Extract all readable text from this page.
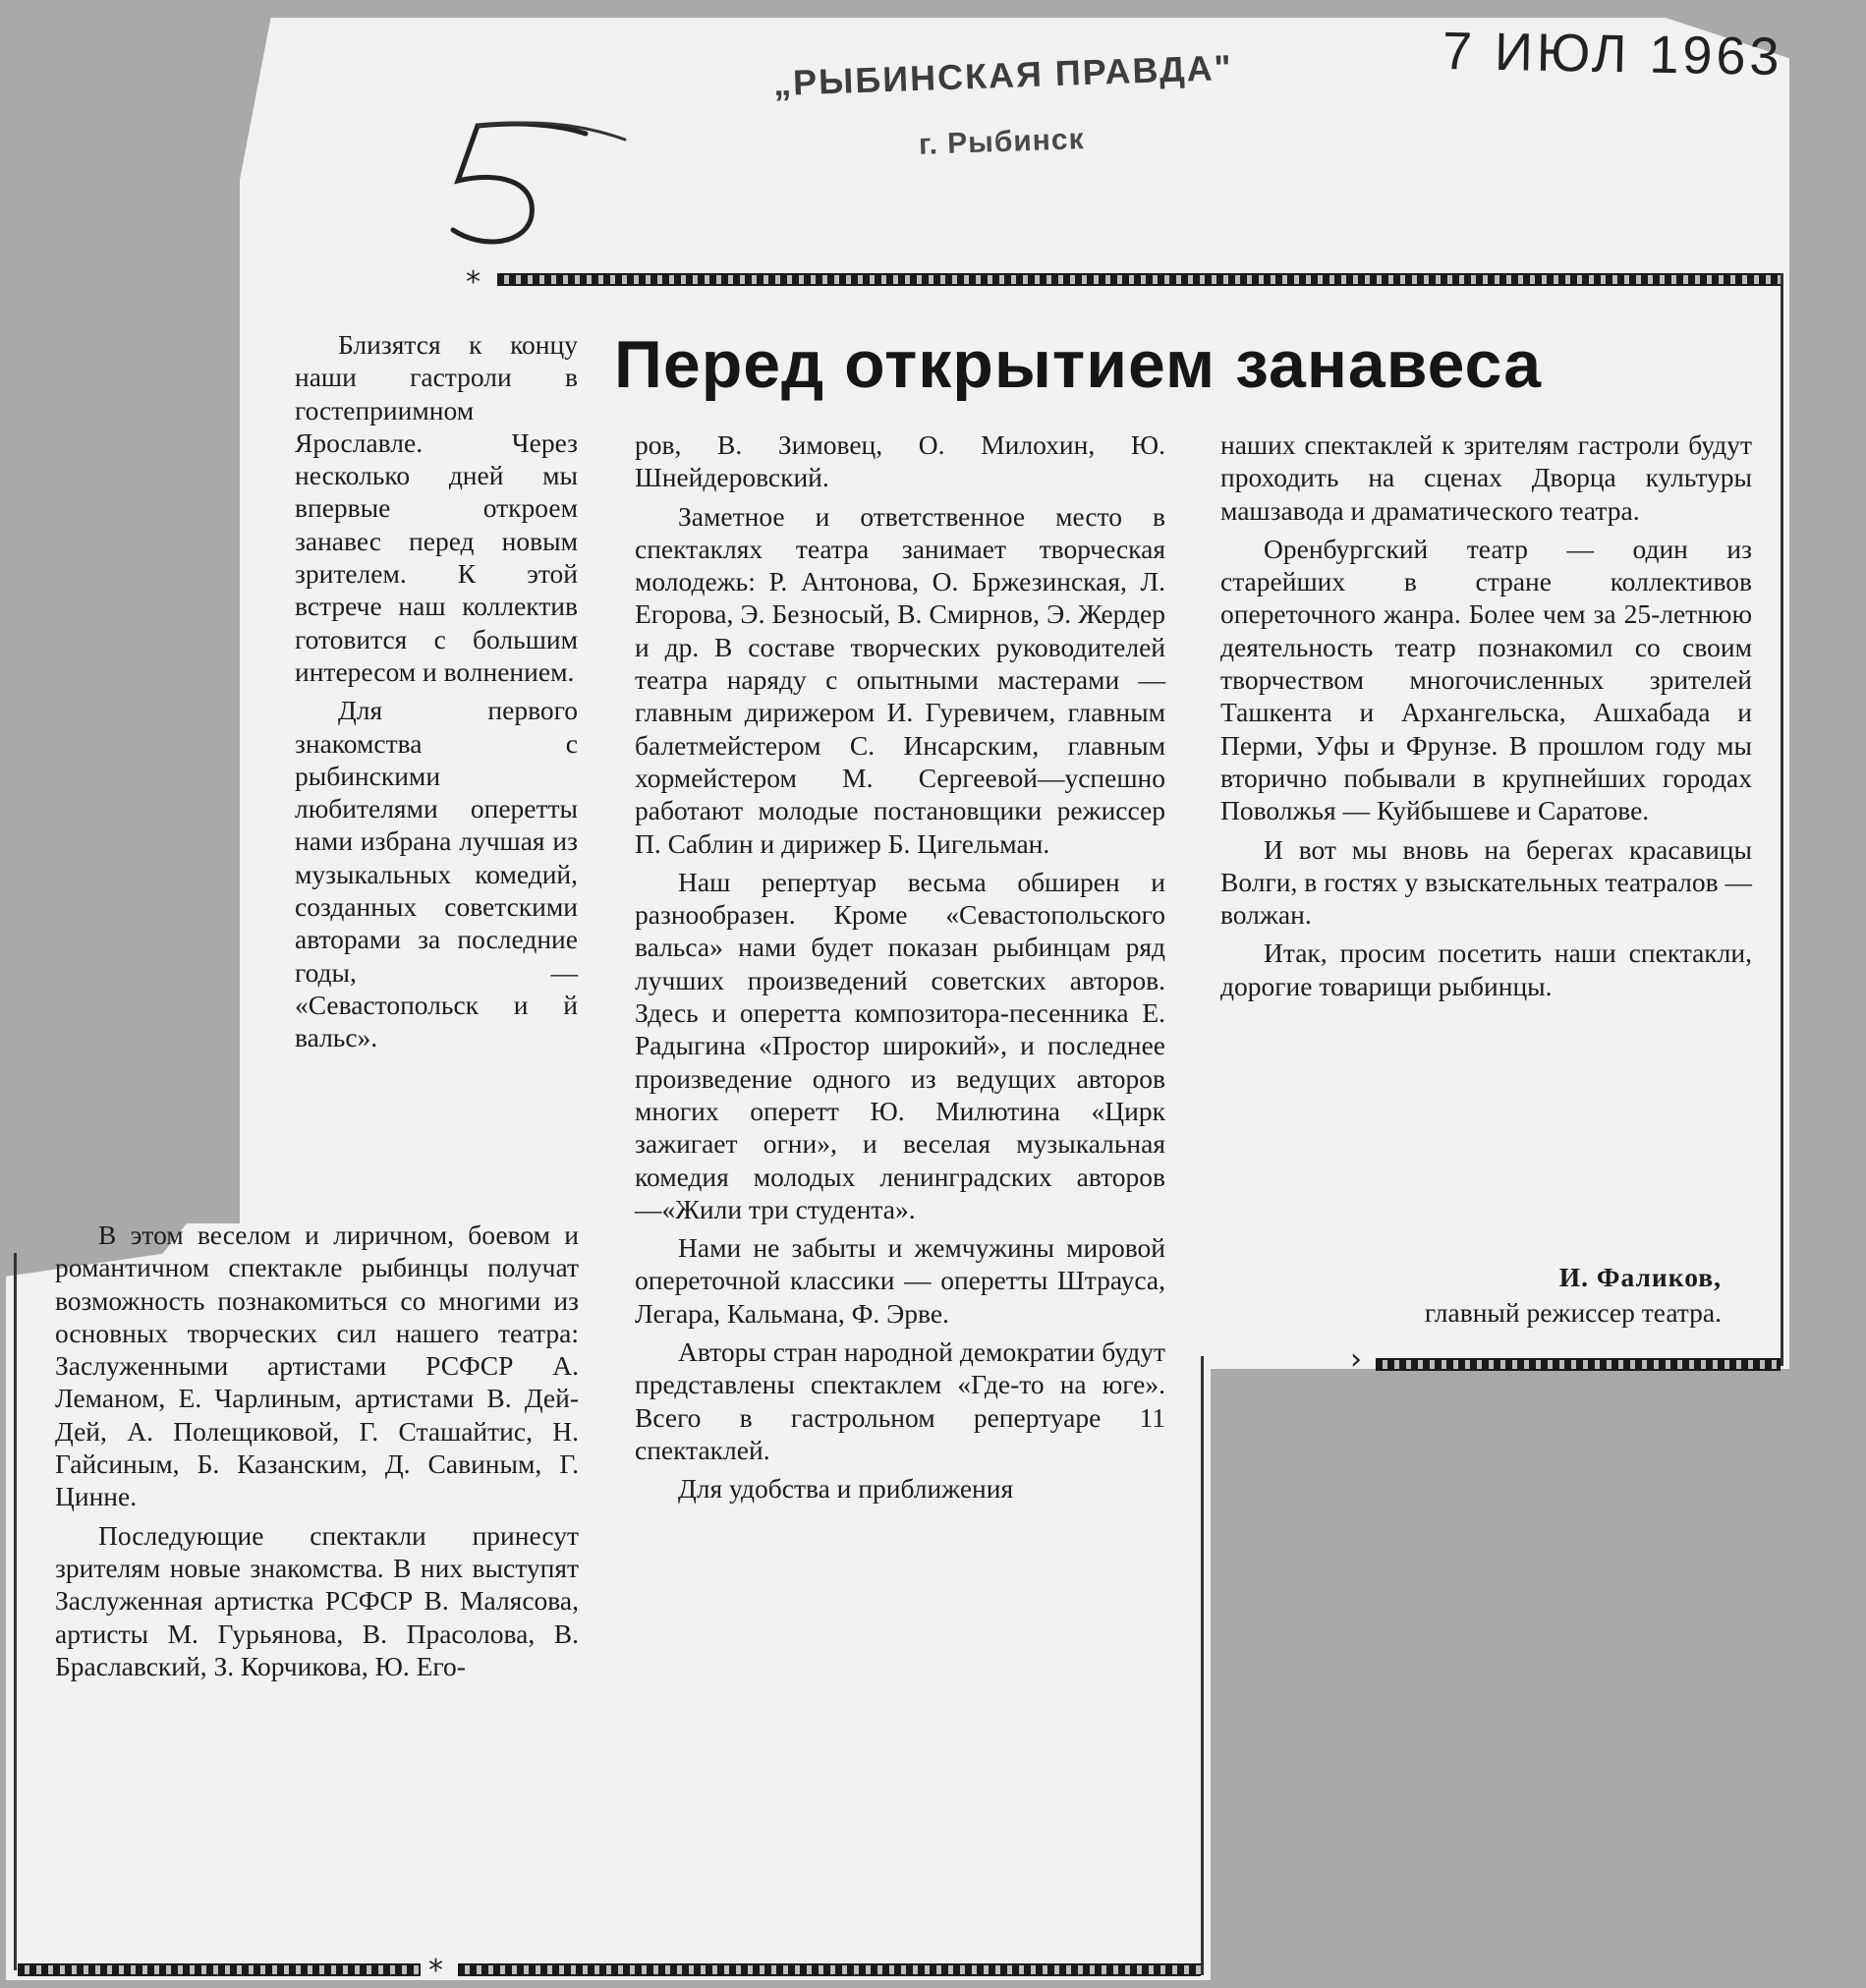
„РЫБИНСКАЯ ПРАВДА"
г. Рыбинск
7 ИЮЛ 1963
*
*
›
Перед открытием занавеса

Близятся к концу наши гастроли в гостеприимном Ярославле. Через несколько дней мы впервые откроем занавес перед новым зрителем. К этой встрече наш коллектив готовится с большим интересом и волнением.

Для первого знакомства с рыбинскими любителями оперетты нами избрана лучшая из музыкальных комедий, созданных советскими авторами за последние годы, — «Севастопольск и й вальс».

В этом веселом и лиричном, боевом и романтичном спектакле рыбинцы получат возможность познакомиться со многими из основных творческих сил нашего театра: Заслуженными артистами РСФСР А. Леманом, Е. Чарлиным, артистами В. Дей-Дей, А. Полещиковой, Г. Сташайтис, Н. Гайсиным, Б. Казанским, Д. Савиным, Г. Цинне.

Последующие спектакли принесут зрителям новые знакомства. В них выступят Заслуженная артистка РСФСР В. Малясова, артисты М. Гурьянова, В. Прасолова, В. Браславский, З. Корчикова, Ю. Его-

ров, В. Зимовец, О. Милохин, Ю. Шнейдеровский.

Заметное и ответственное место в спектаклях театра занимает творческая молодежь: Р. Антонова, О. Бржезинская, Л. Егорова, Э. Безносый, В. Смирнов, Э. Жердер и др. В составе творческих руководителей театра наряду с опытными мастерами — главным дирижером И. Гуревичем, главным балетмейстером С. Инсарским, главным хормейстером М. Сергеевой—успешно работают молодые постановщики режиссер П. Саблин и дирижер Б. Цигельман.

Наш репертуар весьма обширен и разнообразен. Кроме «Севастопольского вальса» нами будет показан рыбинцам ряд лучших произведений советских авторов. Здесь и оперетта композитора-песенника Е. Радыгина «Простор широкий», и последнее произведение одного из ведущих авторов многих оперетт Ю. Милютина «Цирк зажигает огни», и веселая музыкальная комедия молодых ленинградских авторов—«Жили три студента».

Нами не забыты и жемчужины мировой опереточной классики — оперетты Штрауса, Легара, Кальмана, Ф. Эрве.

Авторы стран народной демократии будут представлены спектаклем «Где-то на юге». Всего в гастрольном репертуаре 11 спектаклей.

Для удобства и приближения

наших спектаклей к зрителям гастроли будут проходить на сценах Дворца культуры машзавода и драматического театра.

Оренбургский театр — один из старейших в стране коллективов опереточного жанра. Более чем за 25-летнюю деятельность театр познакомил со своим творчеством многочисленных зрителей Ташкента и Архангельска, Ашхабада и Перми, Уфы и Фрунзе. В прошлом году мы вторично побывали в крупнейших городах Поволжья — Куйбышеве и Саратове.

И вот мы вновь на берегах красавицы Волги, в гостях у взыскательных театралов — волжан.

Итак, просим посетить наши спектакли, дорогие товарищи рыбинцы.

И. Фаликов,
главный режиссер театра.
